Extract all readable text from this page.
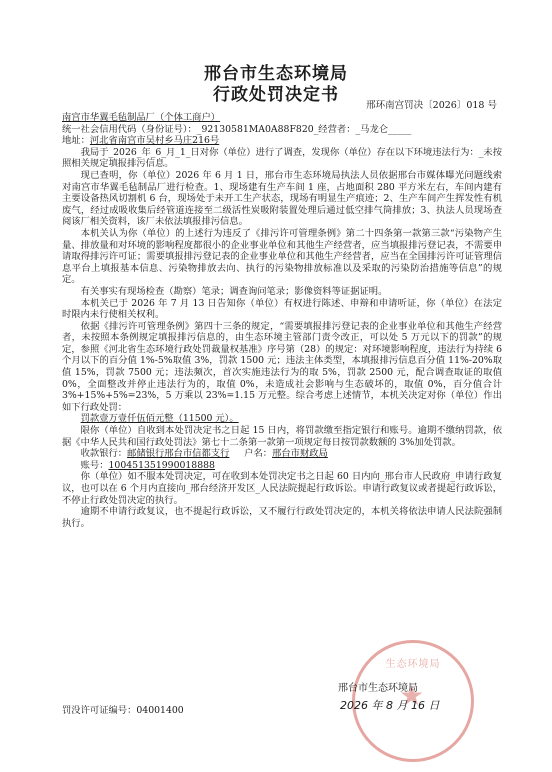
邢台市生态环境局
行政处罚决定书
邢环南宫罚决〔2026〕018 号

南宫市华翼毛毡制品厂（个体工商户）

统一社会信用代码（身份证号）：_92130581MA0A88F820_经营者：_马龙仑_____

地址：河北省南宫市吴村乡马庄216号

我局于_2026_年_6_月_1_日对你（单位）进行了调查，发现你（单位）存在以下环境违法行为：_未按照相关规定填报排污信息。

现已查明，你（单位）2026 年 6 月 1 日，邢台市生态环境局执法人员依据邢台市媒体曝光问题线索对南宫市华翼毛毡制品厂进行检查。1、现场建有生产车间 1 座，占地面积 280 平方米左右，车间内建有主要设备热风切割机 6 台，现场处于未开工生产状态，现场有明显生产痕迹；2、生产车间产生挥发性有机废气，经过成吸收集后经管道连接至二级活性炭吸附装置处理后通过低空排气筒排放；3、执法人员现场查阅该厂相关资料，该厂未依法填报排污信息。

本机关认为你（单位）的上述行为违反了《排污许可管理条例》第二十四条第一款第三款“污染物产生量、排放量和对环境的影响程度都很小的企业事业单位和其他生产经营者，应当填报排污登记表，不需要申请取得排污许可证；需要填报排污登记表的企业事业单位和其他生产经营者，应当在全国排污许可证管理信息平台上填报基本信息、污染物排放去向、执行的污染物排放标准以及采取的污染防治措施等信息”的规定。

有关事实有现场检查（勘察）笔录；调查询问笔录；影像资料等证据证明。

本机关已于 2026 年 7 月 13 日告知你（单位）有权进行陈述、申辩和申请听证，你（单位）在法定时限内未行使相关权利。

依据《排污许可管理条例》第四十三条的规定，“需要填报排污登记表的企业事业单位和其他生产经营者，未按照本条例规定填报排污信息的，由生态环境主管部门责令改正，可以处 5 万元以下的罚款”的规定，参照《河北省生态环境行政处罚裁量权基准》序号第（28）的规定：对环境影响程度，违法行为持续 6 个月以下的百分值 1%-5%取值 3%，罚款 1500 元；违法主体类型，本填报排污信息百分值 11%-20%取值 15%，罚款 7500 元；违法频次，首次实施违法行为的取 5%，罚款 2500 元，配合调查取证的取值 0%，全面整改并停止违法行为的，取值 0%，未造成社会影响与生态破坏的，取值 0%，百分值合计 3%+15%+5%=23%，5 万乘以 23%=1.15 万元整。综合考虑上述情节，本机关决定对你（单位）作出如下行政处罚：

罚款壹万壹仟伍佰元整（11500 元）。

限你（单位）自收到本处罚决定书之日起 15 日内，将罚款缴至指定银行和账号。逾期不缴纳罚款，依据《中华人民共和国行政处罚法》第七十二条第一款第一项规定每日按罚款数额的 3%加处罚款。

收款银行：邮储银行邢台市信都支行 户名：邢台市财政局

账号：100451351990018888

你（单位）如不服本处罚决定，可在收到本处罚决定书之日起 60 日内向_邢台市人民政府_申请行政复议，也可以在 6 个月内直接向_邢台经济开发区_人民法院提起行政诉讼。申请行政复议或者提起行政诉讼，不停止行政处罚决定的执行。

逾期不申请行政复议，也不提起行政诉讼，又不履行行政处罚决定的，本机关将依法申请人民法院强制执行。

生态环境局
★
邢台市生态环境局
2026 年 8 月 16 日
罚没许可证编号：04001400
